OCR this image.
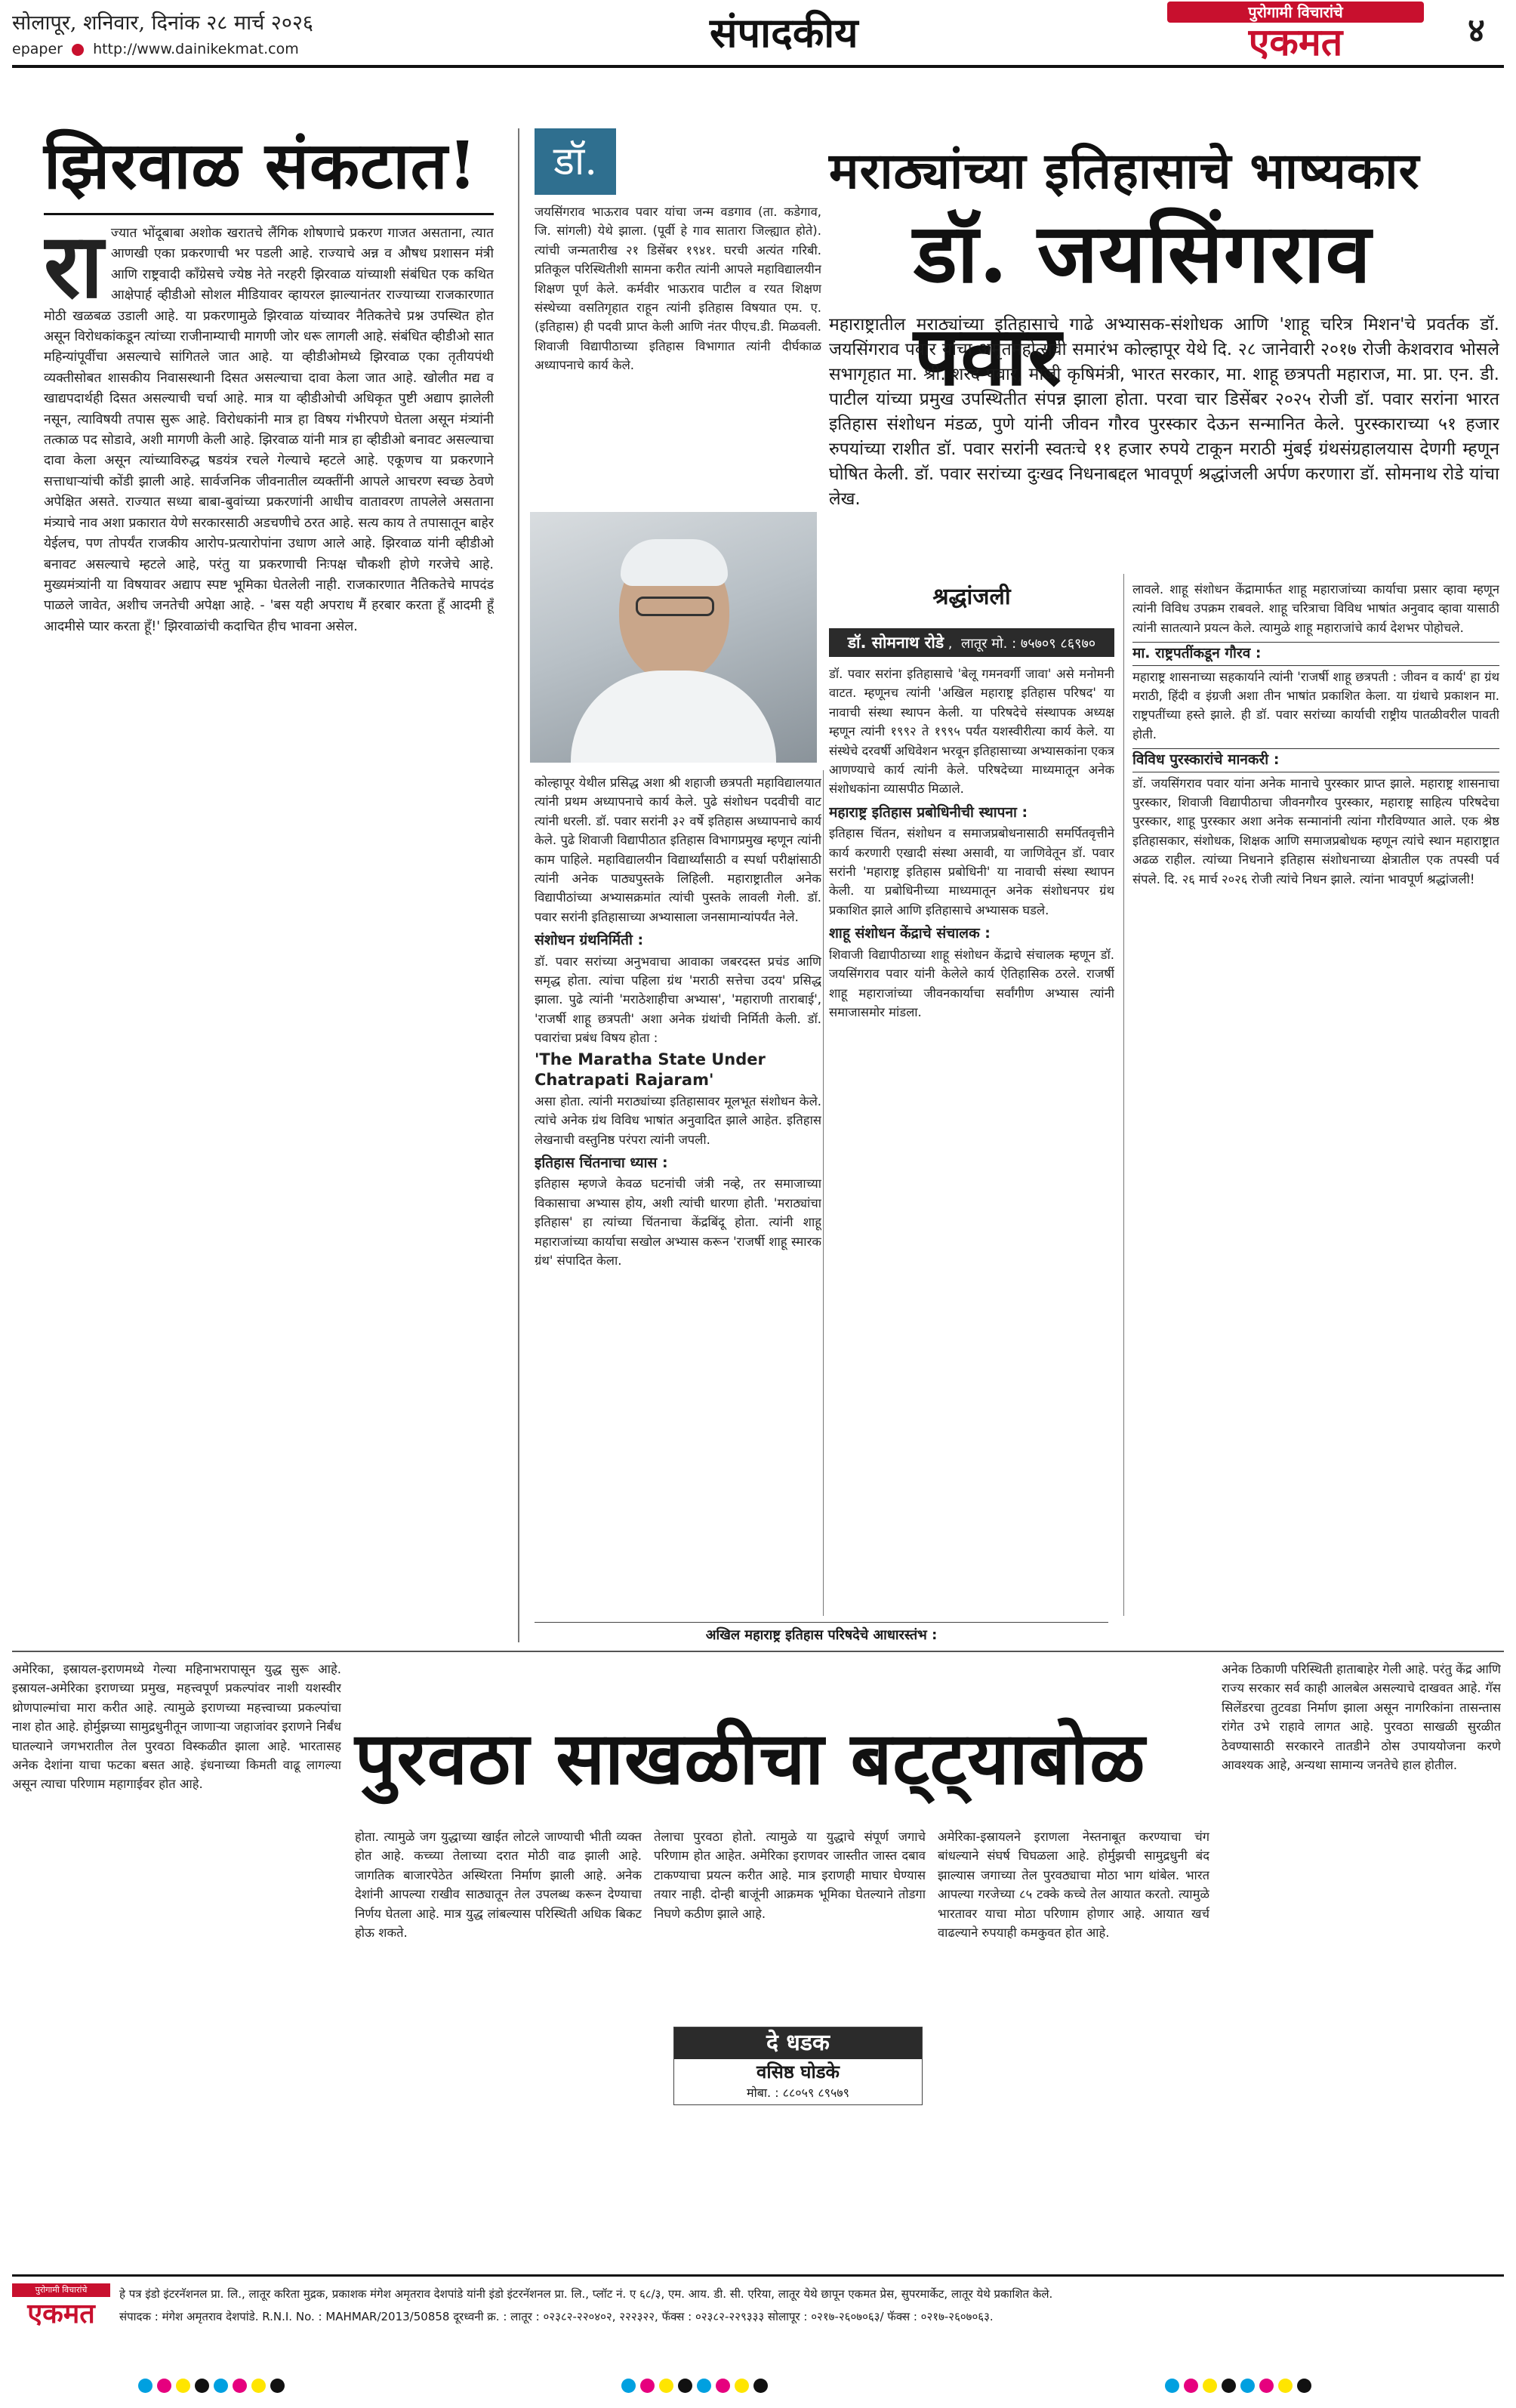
सोलापूर, शनिवार, दिनांक २८ मार्च २०२६
epaper http://www.dainikekmat.com	संपादकीय	पुरोगामी विचारांचे
एकमत	४
झिरवाळ संकटात!
रा ज्यात भोंदूबाबा अशोक खरातचे लैंगिक शोषणाचे प्रकरण गाजत असताना, त्यात आणखी एका प्रकरणाची भर पडली आहे. राज्याचे अन्न व औषध प्रशासन मंत्री आणि राष्ट्रवादी काँग्रेसचे ज्येष्ठ नेते नरहरी झिरवाळ यांच्याशी संबंधित एक कथित आक्षेपार्ह व्हीडीओ सोशल मीडियावर व्हायरल झाल्यानंतर राज्याच्या राजकारणात मोठी खळबळ उडाली आहे. या प्रकरणामुळे झिरवाळ यांच्यावर नैतिकतेचे प्रश्न उपस्थित होत असून विरोधकांकडून त्यांच्या राजीनाम्याची मागणी जोर धरू लागली आहे. संबंधित व्हीडीओ सात महिन्यांपूर्वीचा असल्याचे सांगितले जात आहे. या व्हीडीओमध्ये झिरवाळ एका तृतीयपंथी व्यक्तीसोबत शासकीय निवासस्थानी दिसत असल्याचा दावा केला जात आहे. खोलीत मद्य व खाद्यपदार्थही दिसत असल्याची चर्चा आहे. मात्र या व्हीडीओची अधिकृत पुष्टी अद्याप झालेली नसून, त्याविषयी तपास सुरू आहे. विरोधकांनी मात्र हा विषय गंभीरपणे घेतला असून मंत्र्यांनी तत्काळ पद सोडावे, अशी मागणी केली आहे. झिरवाळ यांनी मात्र हा व्हीडीओ बनावट असल्याचा दावा केला असून त्यांच्याविरुद्ध षडयंत्र रचले गेल्याचे म्हटले आहे. एकूणच या प्रकरणाने सत्ताधाऱ्यांची कोंडी झाली आहे. सार्वजनिक जीवनातील व्यक्तींनी आपले आचरण स्वच्छ ठेवणे अपेक्षित असते. राज्यात सध्या बाबा-बुवांच्या प्रकरणांनी आधीच वातावरण तापलेले असताना मंत्र्याचे नाव अशा प्रकारात येणे सरकारसाठी अडचणीचे ठरत आहे. सत्य काय ते तपासातून बाहेर येईलच, पण तोपर्यंत राजकीय आरोप-प्रत्यारोपांना उधाण आले आहे. झिरवाळ यांनी व्हीडीओ बनावट असल्याचे म्हटले आहे, परंतु या प्रकरणाची निःपक्ष चौकशी होणे गरजेचे आहे. मुख्यमंत्र्यांनी या विषयावर अद्याप स्पष्ट भूमिका घेतलेली नाही. राजकारणात नैतिकतेचे मापदंड पाळले जावेत, अशीच जनतेची अपेक्षा आहे. - 'बस यही अपराध मैं हरबार करता हूँ आदमी हूँ आदमीसे प्यार करता हूँ!' झिरवाळांची कदाचित हीच भावना असेल.
डॉ.
जयसिंगराव भाऊराव पवार यांचा जन्म वडगाव (ता. कडेगाव, जि. सांगली) येथे झाला. (पूर्वी हे गाव सातारा जिल्ह्यात होते). त्यांची जन्मतारीख २१ डिसेंबर १९४१. घरची अत्यंत गरिबी. प्रतिकूल परिस्थितीशी सामना करीत त्यांनी आपले महाविद्यालयीन शिक्षण पूर्ण केले. कर्मवीर भाऊराव पाटील व रयत शिक्षण संस्थेच्या वसतिगृहात राहून त्यांनी इतिहास विषयात एम. ए. (इतिहास) ही पदवी प्राप्त केली आणि नंतर पीएच.डी. मिळवली. शिवाजी विद्यापीठाच्या इतिहास विभागात त्यांनी दीर्घकाळ अध्यापनाचे कार्य केले.
मराठ्यांच्या इतिहासाचे भाष्यकार
डॉ. जयसिंगराव पवार
महाराष्ट्रातील मराठ्यांच्या इतिहासाचे गाढे अभ्यासक-संशोधक आणि 'शाहू चरित्र मिशन'चे प्रवर्तक डॉ. जयसिंगराव पवार यांचा अमृतमहोत्सवी समारंभ कोल्हापूर येथे दि. २८ जानेवारी २०१७ रोजी केशवराव भोसले सभागृहात मा. श्री. शरद पवार, माजी कृषिमंत्री, भारत सरकार, मा. शाहू छत्रपती महाराज, मा. प्रा. एन. डी. पाटील यांच्या प्रमुख उपस्थितीत संपन्न झाला होता. परवा चार डिसेंबर २०२५ रोजी डॉ. पवार सरांना भारत इतिहास संशोधन मंडळ, पुणे यांनी जीवन गौरव पुरस्कार देऊन सन्मानित केले. पुरस्काराच्या ५१ हजार रुपयांच्या राशीत डॉ. पवार सरांनी स्वतःचे ११ हजार रुपये टाकून मराठी मुंबई ग्रंथसंग्रहालयास देणगी म्हणून घोषित केली. डॉ. पवार सरांच्या दुःखद निधनाबद्दल भावपूर्ण श्रद्धांजली अर्पण करणारा डॉ. सोमनाथ रोडे यांचा लेख.

कोल्हापूर येथील प्रसिद्ध अशा श्री शहाजी छत्रपती महाविद्यालयात त्यांनी प्रथम अध्यापनाचे कार्य केले. पुढे संशोधन पदवीची वाट त्यांनी धरली. डॉ. पवार सरांनी ३२ वर्षे इतिहास अध्यापनाचे कार्य केले. पुढे शिवाजी विद्यापीठात इतिहास विभागप्रमुख म्हणून त्यांनी काम पाहिले. महाविद्यालयीन विद्यार्थ्यांसाठी व स्पर्धा परीक्षांसाठी त्यांनी अनेक पाठ्यपुस्तके लिहिली. महाराष्ट्रातील अनेक विद्यापीठांच्या अभ्यासक्रमांत त्यांची पुस्तके लावली गेली. डॉ. पवार सरांनी इतिहासाच्या अभ्यासाला जनसामान्यांपर्यंत नेले.

संशोधन ग्रंथनिर्मिती :

डॉ. पवार सरांच्या अनुभवाचा आवाका जबरदस्त प्रचंड आणि समृद्ध होता. त्यांचा पहिला ग्रंथ 'मराठी सत्तेचा उदय' प्रसिद्ध झाला. पुढे त्यांनी 'मराठेशाहीचा अभ्यास', 'महाराणी ताराबाई', 'राजर्षी शाहू छत्रपती' अशा अनेक ग्रंथांची निर्मिती केली. डॉ. पवारांचा प्रबंध विषय होता :

'The Maratha State Under Chatrapati Rajaram'

असा होता. त्यांनी मराठ्यांच्या इतिहासावर मूलभूत संशोधन केले. त्यांचे अनेक ग्रंथ विविध भाषांत अनुवादित झाले आहेत. इतिहास लेखनाची वस्तुनिष्ठ परंपरा त्यांनी जपली.

इतिहास चिंतनाचा ध्यास :

इतिहास म्हणजे केवळ घटनांची जंत्री नव्हे, तर समाजाच्या विकासाचा अभ्यास होय, अशी त्यांची धारणा होती. 'मराठ्यांचा इतिहास' हा त्यांच्या चिंतनाचा केंद्रबिंदू होता. त्यांनी शाहू महाराजांच्या कार्याचा सखोल अभ्यास करून 'राजर्षी शाहू स्मारक ग्रंथ' संपादित केला.

अखिल महाराष्ट्र इतिहास परिषदेचे आधारस्तंभ :
श्रद्धांजली
डॉ. सोमनाथ रोडे ,  लातूर मो. : ७५७०९ ८६९७०

डॉ. पवार सरांना इतिहासाचे 'बेलू गमनवर्गी जावा' असे मनोमनी वाटत. म्हणूनच त्यांनी 'अखिल महाराष्ट्र इतिहास परिषद' या नावाची संस्था स्थापन केली. या परिषदेचे संस्थापक अध्यक्ष म्हणून त्यांनी १९९२ ते १९९५ पर्यंत यशस्वीरीत्या कार्य केले. या संस्थेचे दरवर्षी अधिवेशन भरवून इतिहासाच्या अभ्यासकांना एकत्र आणण्याचे कार्य त्यांनी केले. परिषदेच्या माध्यमातून अनेक संशोधकांना व्यासपीठ मिळाले.

महाराष्ट्र इतिहास प्रबोधिनीची स्थापना :

इतिहास चिंतन, संशोधन व समाजप्रबोधनासाठी समर्पितवृत्तीने कार्य करणारी एखादी संस्था असावी, या जाणिवेतून डॉ. पवार सरांनी 'महाराष्ट्र इतिहास प्रबोधिनी' या नावाची संस्था स्थापन केली. या प्रबोधिनीच्या माध्यमातून अनेक संशोधनपर ग्रंथ प्रकाशित झाले आणि इतिहासाचे अभ्यासक घडले.

शाहू संशोधन केंद्राचे संचालक :

शिवाजी विद्यापीठाच्या शाहू संशोधन केंद्राचे संचालक म्हणून डॉ. जयसिंगराव पवार यांनी केलेले कार्य ऐतिहासिक ठरले. राजर्षी शाहू महाराजांच्या जीवनकार्याचा सर्वांगीण अभ्यास त्यांनी समाजासमोर मांडला.

लावले. शाहू संशोधन केंद्रामार्फत शाहू महाराजांच्या कार्याचा प्रसार व्हावा म्हणून त्यांनी विविध उपक्रम राबवले. शाहू चरित्राचा विविध भाषांत अनुवाद व्हावा यासाठी त्यांनी सातत्याने प्रयत्न केले. त्यामुळे शाहू महाराजांचे कार्य देशभर पोहोचले.

मा. राष्ट्रपतींकडून गौरव :

महाराष्ट्र शासनाच्या सहकार्याने त्यांनी 'राजर्षी शाहू छत्रपती : जीवन व कार्य' हा ग्रंथ मराठी, हिंदी व इंग्रजी अशा तीन भाषांत प्रकाशित केला. या ग्रंथाचे प्रकाशन मा. राष्ट्रपतींच्या हस्ते झाले. ही डॉ. पवार सरांच्या कार्याची राष्ट्रीय पातळीवरील पावती होती.

विविध पुरस्कारांचे मानकरी :

डॉ. जयसिंगराव पवार यांना अनेक मानाचे पुरस्कार प्राप्त झाले. महाराष्ट्र शासनाचा पुरस्कार, शिवाजी विद्यापीठाचा जीवनगौरव पुरस्कार, महाराष्ट्र साहित्य परिषदेचा पुरस्कार, शाहू पुरस्कार अशा अनेक सन्मानांनी त्यांना गौरविण्यात आले. एक श्रेष्ठ इतिहासकार, संशोधक, शिक्षक आणि समाजप्रबोधक म्हणून त्यांचे स्थान महाराष्ट्रात अढळ राहील. त्यांच्या निधनाने इतिहास संशोधनाच्या क्षेत्रातील एक तपस्वी पर्व संपले. दि. २६ मार्च २०२६ रोजी त्यांचे निधन झाले. त्यांना भावपूर्ण श्रद्धांजली!

पुरवठा साखळीचा बट्ट्याबोळ
अमेरिका, इस्रायल-इराणमध्ये गेल्या महिनाभरापासून युद्ध सुरू आहे. इस्रायल-अमेरिका इराणच्या प्रमुख, महत्त्वपूर्ण प्रकल्पांवर नाशी यशस्वीर थ्रोणपाल्मांचा मारा करीत आहे. त्यामुळे इराणच्या महत्त्वाच्या प्रकल्पांचा नाश होत आहे. होर्मुझच्या सामुद्रधुनीतून जाणाऱ्या जहाजांवर इराणने निर्बंध घातल्याने जगभरातील तेल पुरवठा विस्कळीत झाला आहे. भारतासह अनेक देशांना याचा फटका बसत आहे. इंधनाच्या किमती वाढू लागल्या असून त्याचा परिणाम महागाईवर होत आहे.
होता. त्यामुळे जग युद्धाच्या खाईत लोटले जाण्याची भीती व्यक्त होत आहे. कच्च्या तेलाच्या दरात मोठी वाढ झाली आहे. जागतिक बाजारपेठेत अस्थिरता निर्माण झाली आहे. अनेक देशांनी आपल्या राखीव साठ्यातून तेल उपलब्ध करून देण्याचा निर्णय घेतला आहे. मात्र युद्ध लांबल्यास परिस्थिती अधिक बिकट होऊ शकते.
तेलाचा पुरवठा होतो. त्यामुळे या युद्धाचे संपूर्ण जगाचे परिणाम होत आहेत. अमेरिका इराणवर जास्तीत जास्त दबाव टाकण्याचा प्रयत्न करीत आहे. मात्र इराणही माघार घेण्यास तयार नाही. दोन्ही बाजूंनी आक्रमक भूमिका घेतल्याने तोडगा निघणे कठीण झाले आहे.
दे धडक
वसिष्ठ घोडके
मोबा. : ८८०५९ ८९५७९
अमेरिका-इस्रायलने इराणला नेस्तनाबूत करण्याचा चंग बांधल्याने संघर्ष चिघळला आहे. होर्मुझची सामुद्रधुनी बंद झाल्यास जगाच्या तेल पुरवठ्याचा मोठा भाग थांबेल. भारत आपल्या गरजेच्या ८५ टक्के कच्चे तेल आयात करतो. त्यामुळे भारतावर याचा मोठा परिणाम होणार आहे. आयात खर्च वाढल्याने रुपयाही कमकुवत होत आहे.
अनेक ठिकाणी परिस्थिती हाताबाहेर गेली आहे. परंतु केंद्र आणि राज्य सरकार सर्व काही आलबेल असल्याचे दाखवत आहे. गॅस सिलेंडरचा तुटवडा निर्माण झाला असून नागरिकांना तासन्तास रांगेत उभे राहावे लागत आहे. पुरवठा साखळी सुरळीत ठेवण्यासाठी सरकारने तातडीने ठोस उपाययोजना करणे आवश्यक आहे, अन्यथा सामान्य जनतेचे हाल होतील.
पुरोगामी विचारांचे
एकमत
हे पत्र इंडो इंटरनॅशनल प्रा. लि., लातूर करिता मुद्रक, प्रकाशक मंगेश अमृतराव देशपांडे यांनी इंडो इंटरनॅशनल प्रा. लि., प्लॉट नं. ए ६८/३, एम. आय. डी. सी. एरिया, लातूर येथे छापून एकमत प्रेस, सुपरमार्केट, लातूर येथे प्रकाशित केले.
संपादक : मंगेश अमृतराव देशपांडे. R.N.I. No. : MAHMAR/2013/50858 दूरध्वनी क्र. : लातूर : ०२३८२-२२०४०२, २२२३२२, फॅक्स : ०२३८२-२२९३३३ सोलापूर : ०२१७-२६०७०६३/ फॅक्स : ०२१७-२६०७०६३.
